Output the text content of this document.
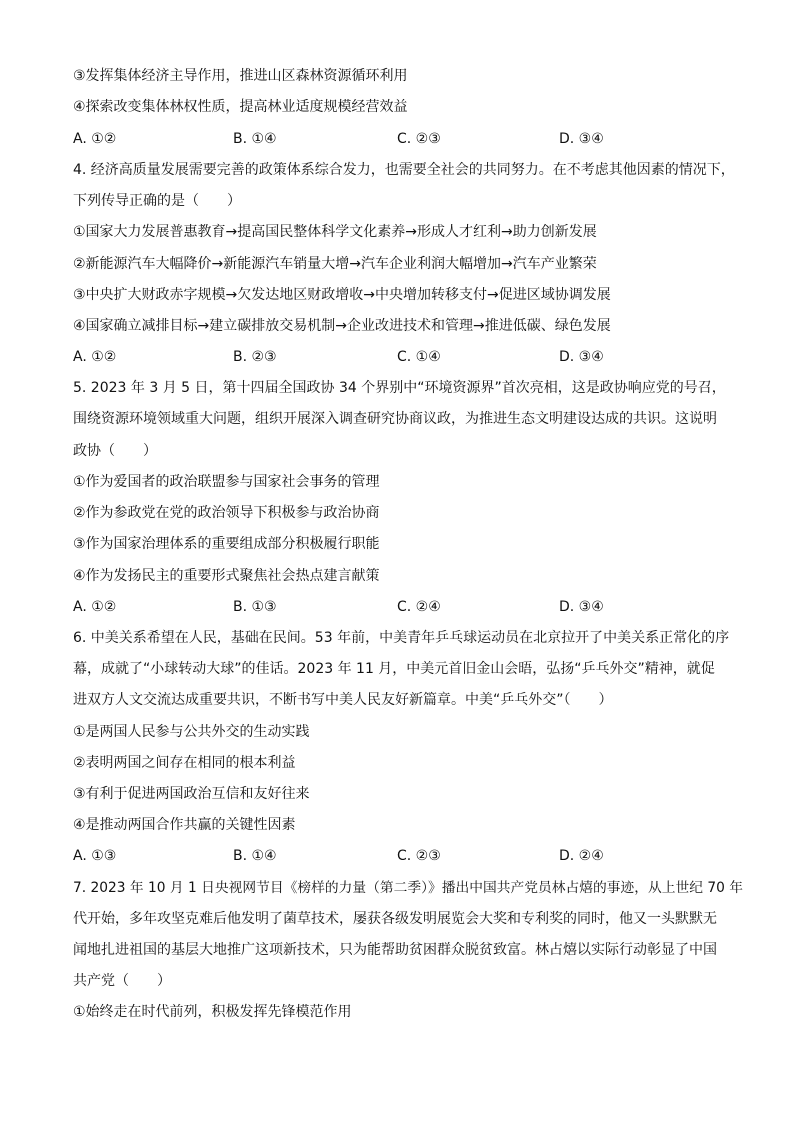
③发挥集体经济主导作用，推进山区森林资源循环利用
④探索改变集体林权性质，提高林业适度规模经营效益
A. ①②	B. ①④	C. ②③	D. ③④
4. 经济高质量发展需要完善的政策体系综合发力，也需要全社会的共同努力。在不考虑其他因素的情况下，
下列传导正确的是（　　）
①国家大力发展普惠教育→提高国民整体科学文化素养→形成人才红利→助力创新发展
②新能源汽车大幅降价→新能源汽车销量大增→汽车企业利润大幅增加→汽车产业繁荣
③中央扩大财政赤字规模→欠发达地区财政增收→中央增加转移支付→促进区域协调发展
④国家确立减排目标→建立碳排放交易机制→企业改进技术和管理→推进低碳、绿色发展
A. ①②	B. ②③	C. ①④	D. ③④
5. 2023 年 3 月 5 日，第十四届全国政协 34 个界别中“环境资源界”首次亮相，这是政协响应党的号召，
围绕资源环境领域重大问题，组织开展深入调查研究协商议政，为推进生态文明建设达成的共识。这说明
政协（　　）
①作为爱国者的政治联盟参与国家社会事务的管理
②作为参政党在党的政治领导下积极参与政治协商
③作为国家治理体系的重要组成部分积极履行职能
④作为发扬民主的重要形式聚焦社会热点建言献策
A. ①②	B. ①③	C. ②④	D. ③④
6. 中美关系希望在人民，基础在民间。53 年前，中美青年乒乓球运动员在北京拉开了中美关系正常化的序
幕，成就了“小球转动大球”的佳话。2023 年 11 月，中美元首旧金山会晤，弘扬“乒乓外交”精神，就促
进双方人文交流达成重要共识，不断书写中美人民友好新篇章。中美“乒乓外交”（　　）
①是两国人民参与公共外交的生动实践
②表明两国之间存在相同的根本利益
③有利于促进两国政治互信和友好往来
④是推动两国合作共赢的关键性因素
A. ①③	B. ①④	C. ②③	D. ②④
7. 2023 年 10 月 1 日央视网节目《榜样的力量（第二季）》播出中国共产党员林占熺的事迹，从上世纪 70 年
代开始，多年攻坚克难后他发明了菌草技术，屡获各级发明展览会大奖和专利奖的同时，他又一头默默无
闻地扎进祖国的基层大地推广这项新技术，只为能帮助贫困群众脱贫致富。林占熺以实际行动彰显了中国
共产党（　　）
①始终走在时代前列，积极发挥先锋模范作用
